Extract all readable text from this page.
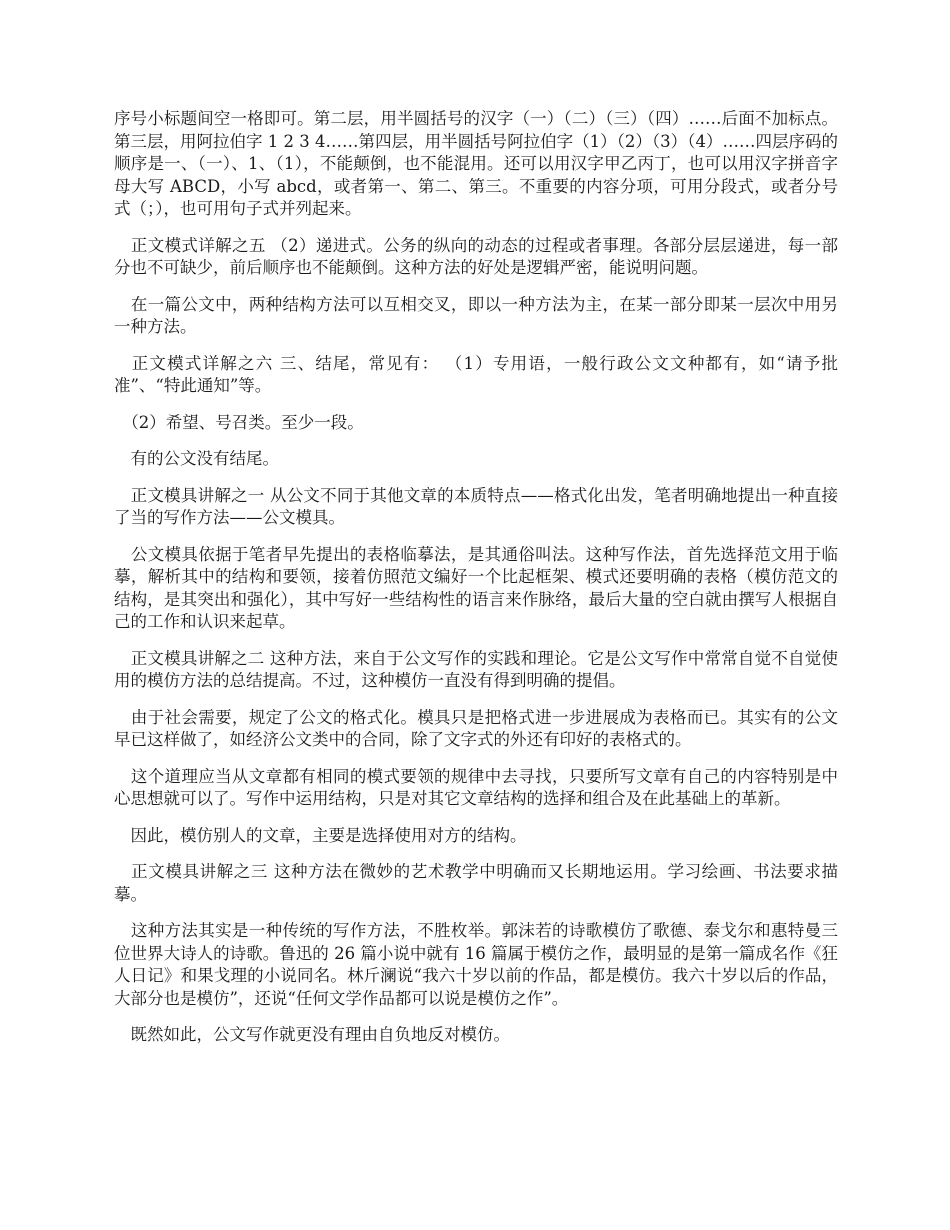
序号小标题间空一格即可。第二层，用半圆括号的汉字（一）（二）（三）（四）……后面不加标点。第三层，用阿拉伯字 1 2 3 4……第四层，用半圆括号阿拉伯字（1）（2）（3）（4）……四层序码的顺序是一、（一）、1、（1），不能颠倒，也不能混用。还可以用汉字甲乙丙丁，也可以用汉字拼音字母大写 ABCD，小写 abcd，或者第一、第二、第三。不重要的内容分项，可用分段式，或者分号式（；），也可用句子式并列起来。

　正文模式详解之五 （2）递进式。公务的纵向的动态的过程或者事理。各部分层层递进，每一部分也不可缺少，前后顺序也不能颠倒。这种方法的好处是逻辑严密，能说明问题。

　在一篇公文中，两种结构方法可以互相交叉，即以一种方法为主，在某一部分即某一层次中用另一种方法。

　正文模式详解之六 三、结尾，常见有： （1）专用语，一般行政公文文种都有，如“请予批准”、“特此通知”等。

　（2）希望、号召类。至少一段。

　有的公文没有结尾。

　正文模具讲解之一 从公文不同于其他文章的本质特点——格式化出发，笔者明确地提出一种直接了当的写作方法——公文模具。

　公文模具依据于笔者早先提出的表格临摹法，是其通俗叫法。这种写作法，首先选择范文用于临摹，解析其中的结构和要领，接着仿照范文编好一个比起框架、模式还要明确的表格（模仿范文的结构，是其突出和强化），其中写好一些结构性的语言来作脉络，最后大量的空白就由撰写人根据自己的工作和认识来起草。

　正文模具讲解之二 这种方法，来自于公文写作的实践和理论。它是公文写作中常常自觉不自觉使用的模仿方法的总结提高。不过，这种模仿一直没有得到明确的提倡。

　由于社会需要，规定了公文的格式化。模具只是把格式进一步进展成为表格而已。其实有的公文早已这样做了，如经济公文类中的合同，除了文字式的外还有印好的表格式的。

　这个道理应当从文章都有相同的模式要领的规律中去寻找，只要所写文章有自己的内容特别是中心思想就可以了。写作中运用结构，只是对其它文章结构的选择和组合及在此基础上的革新。

　因此，模仿别人的文章，主要是选择使用对方的结构。

　正文模具讲解之三 这种方法在微妙的艺术教学中明确而又长期地运用。学习绘画、书法要求描摹。

　这种方法其实是一种传统的写作方法，不胜枚举。郭沫若的诗歌模仿了歌德、泰戈尔和惠特曼三位世界大诗人的诗歌。鲁迅的 26 篇小说中就有 16 篇属于模仿之作，最明显的是第一篇成名作《狂人日记》和果戈理的小说同名。林斤澜说“我六十岁以前的作品，都是模仿。我六十岁以后的作品，大部分也是模仿”，还说“任何文学作品都可以说是模仿之作”。

　既然如此，公文写作就更没有理由自负地反对模仿。
